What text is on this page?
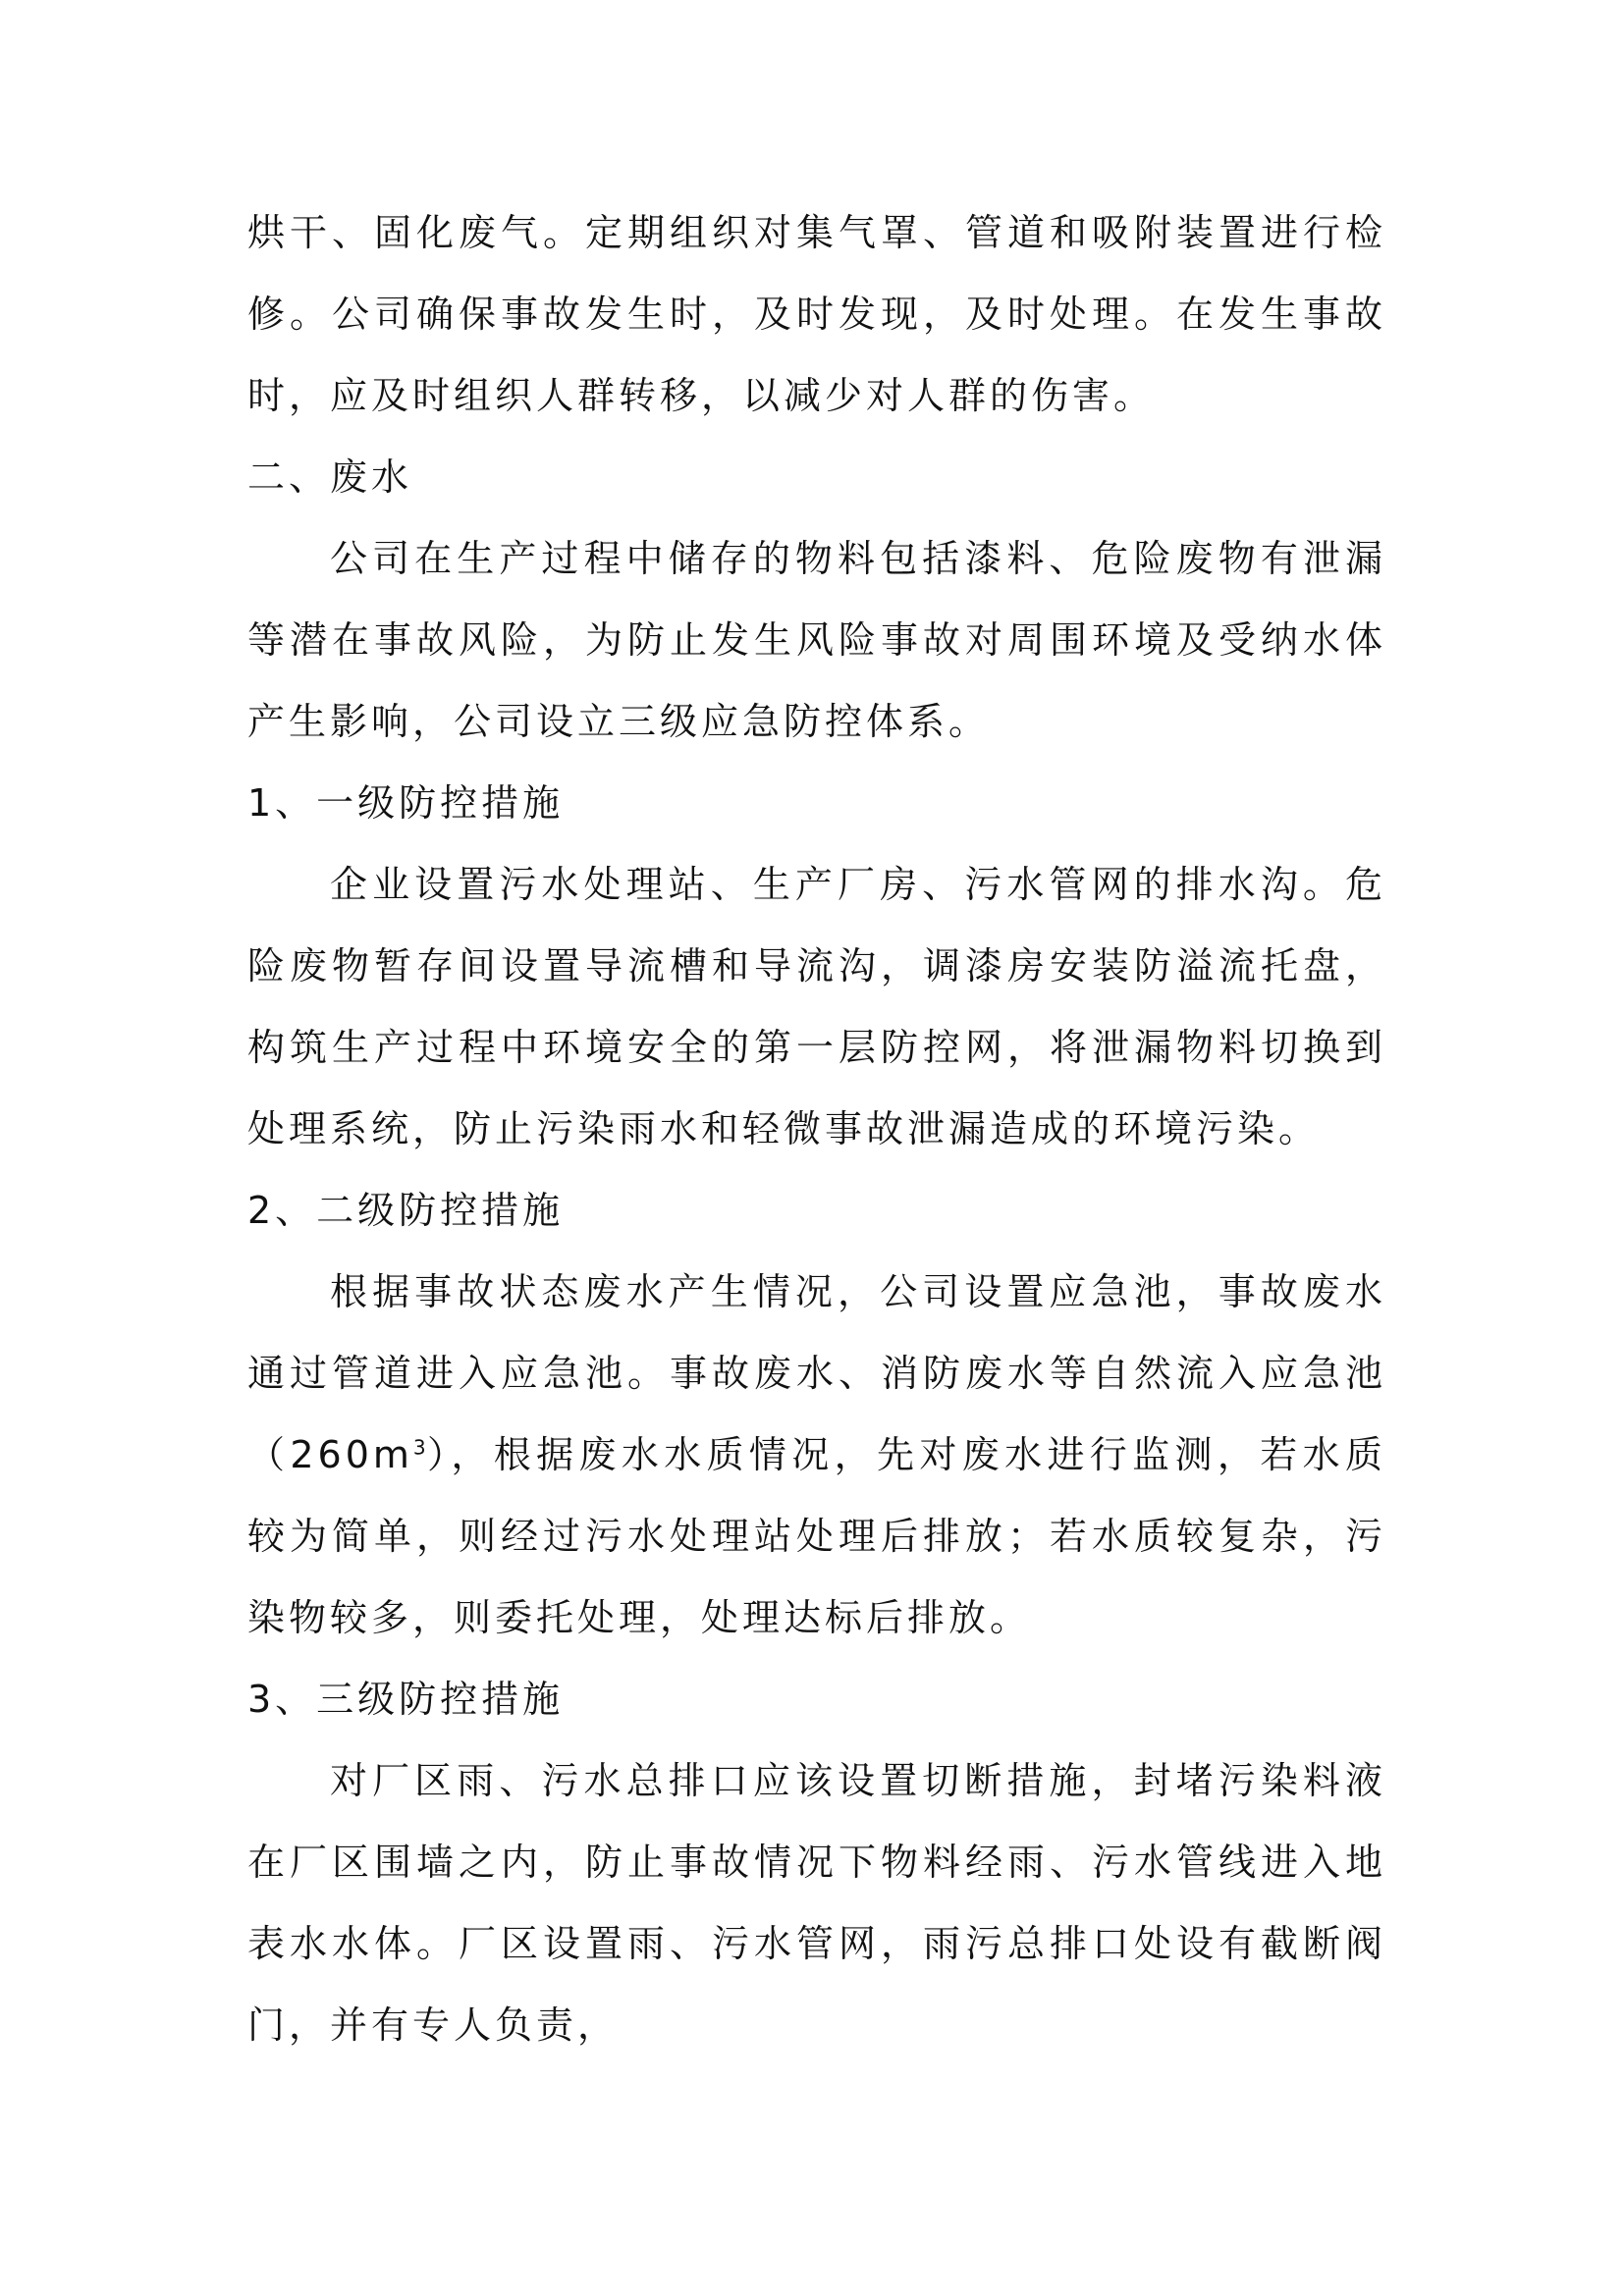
烘干、固化废气。定期组织对集气罩、管道和吸附装置进行检修。公司确保事故发生时，及时发现，及时处理。在发生事故时，应及时组织人群转移，以减少对人群的伤害。

二、废水

公司在生产过程中储存的物料包括漆料、危险废物有泄漏等潜在事故风险，为防止发生风险事故对周围环境及受纳水体产生影响，公司设立三级应急防控体系。

1、一级防控措施

企业设置污水处理站、生产厂房、污水管网的排水沟。危险废物暂存间设置导流槽和导流沟，调漆房安装防溢流托盘，构筑生产过程中环境安全的第一层防控网，将泄漏物料切换到处理系统，防止污染雨水和轻微事故泄漏造成的环境污染。

2、二级防控措施

根据事故状态废水产生情况，公司设置应急池，事故废水通过管道进入应急池。事故废水、消防废水等自然流入应急池$(260m^3)$，根据废水水质情况，先对废水进行监测，若水质较为简单，则经过污水处理站处理后排放；若水质较复杂，污染物较多，则委托处理，处理达标后排放。

3、三级防控措施

对厂区雨、污水总排口应该设置切断措施，封堵污染料液在厂区围墙之内，防止事故情况下物料经雨、污水管线进入地表水水体。厂区设置雨、污水管网，雨污总排口处设有截断阀门，并有专人负责，
